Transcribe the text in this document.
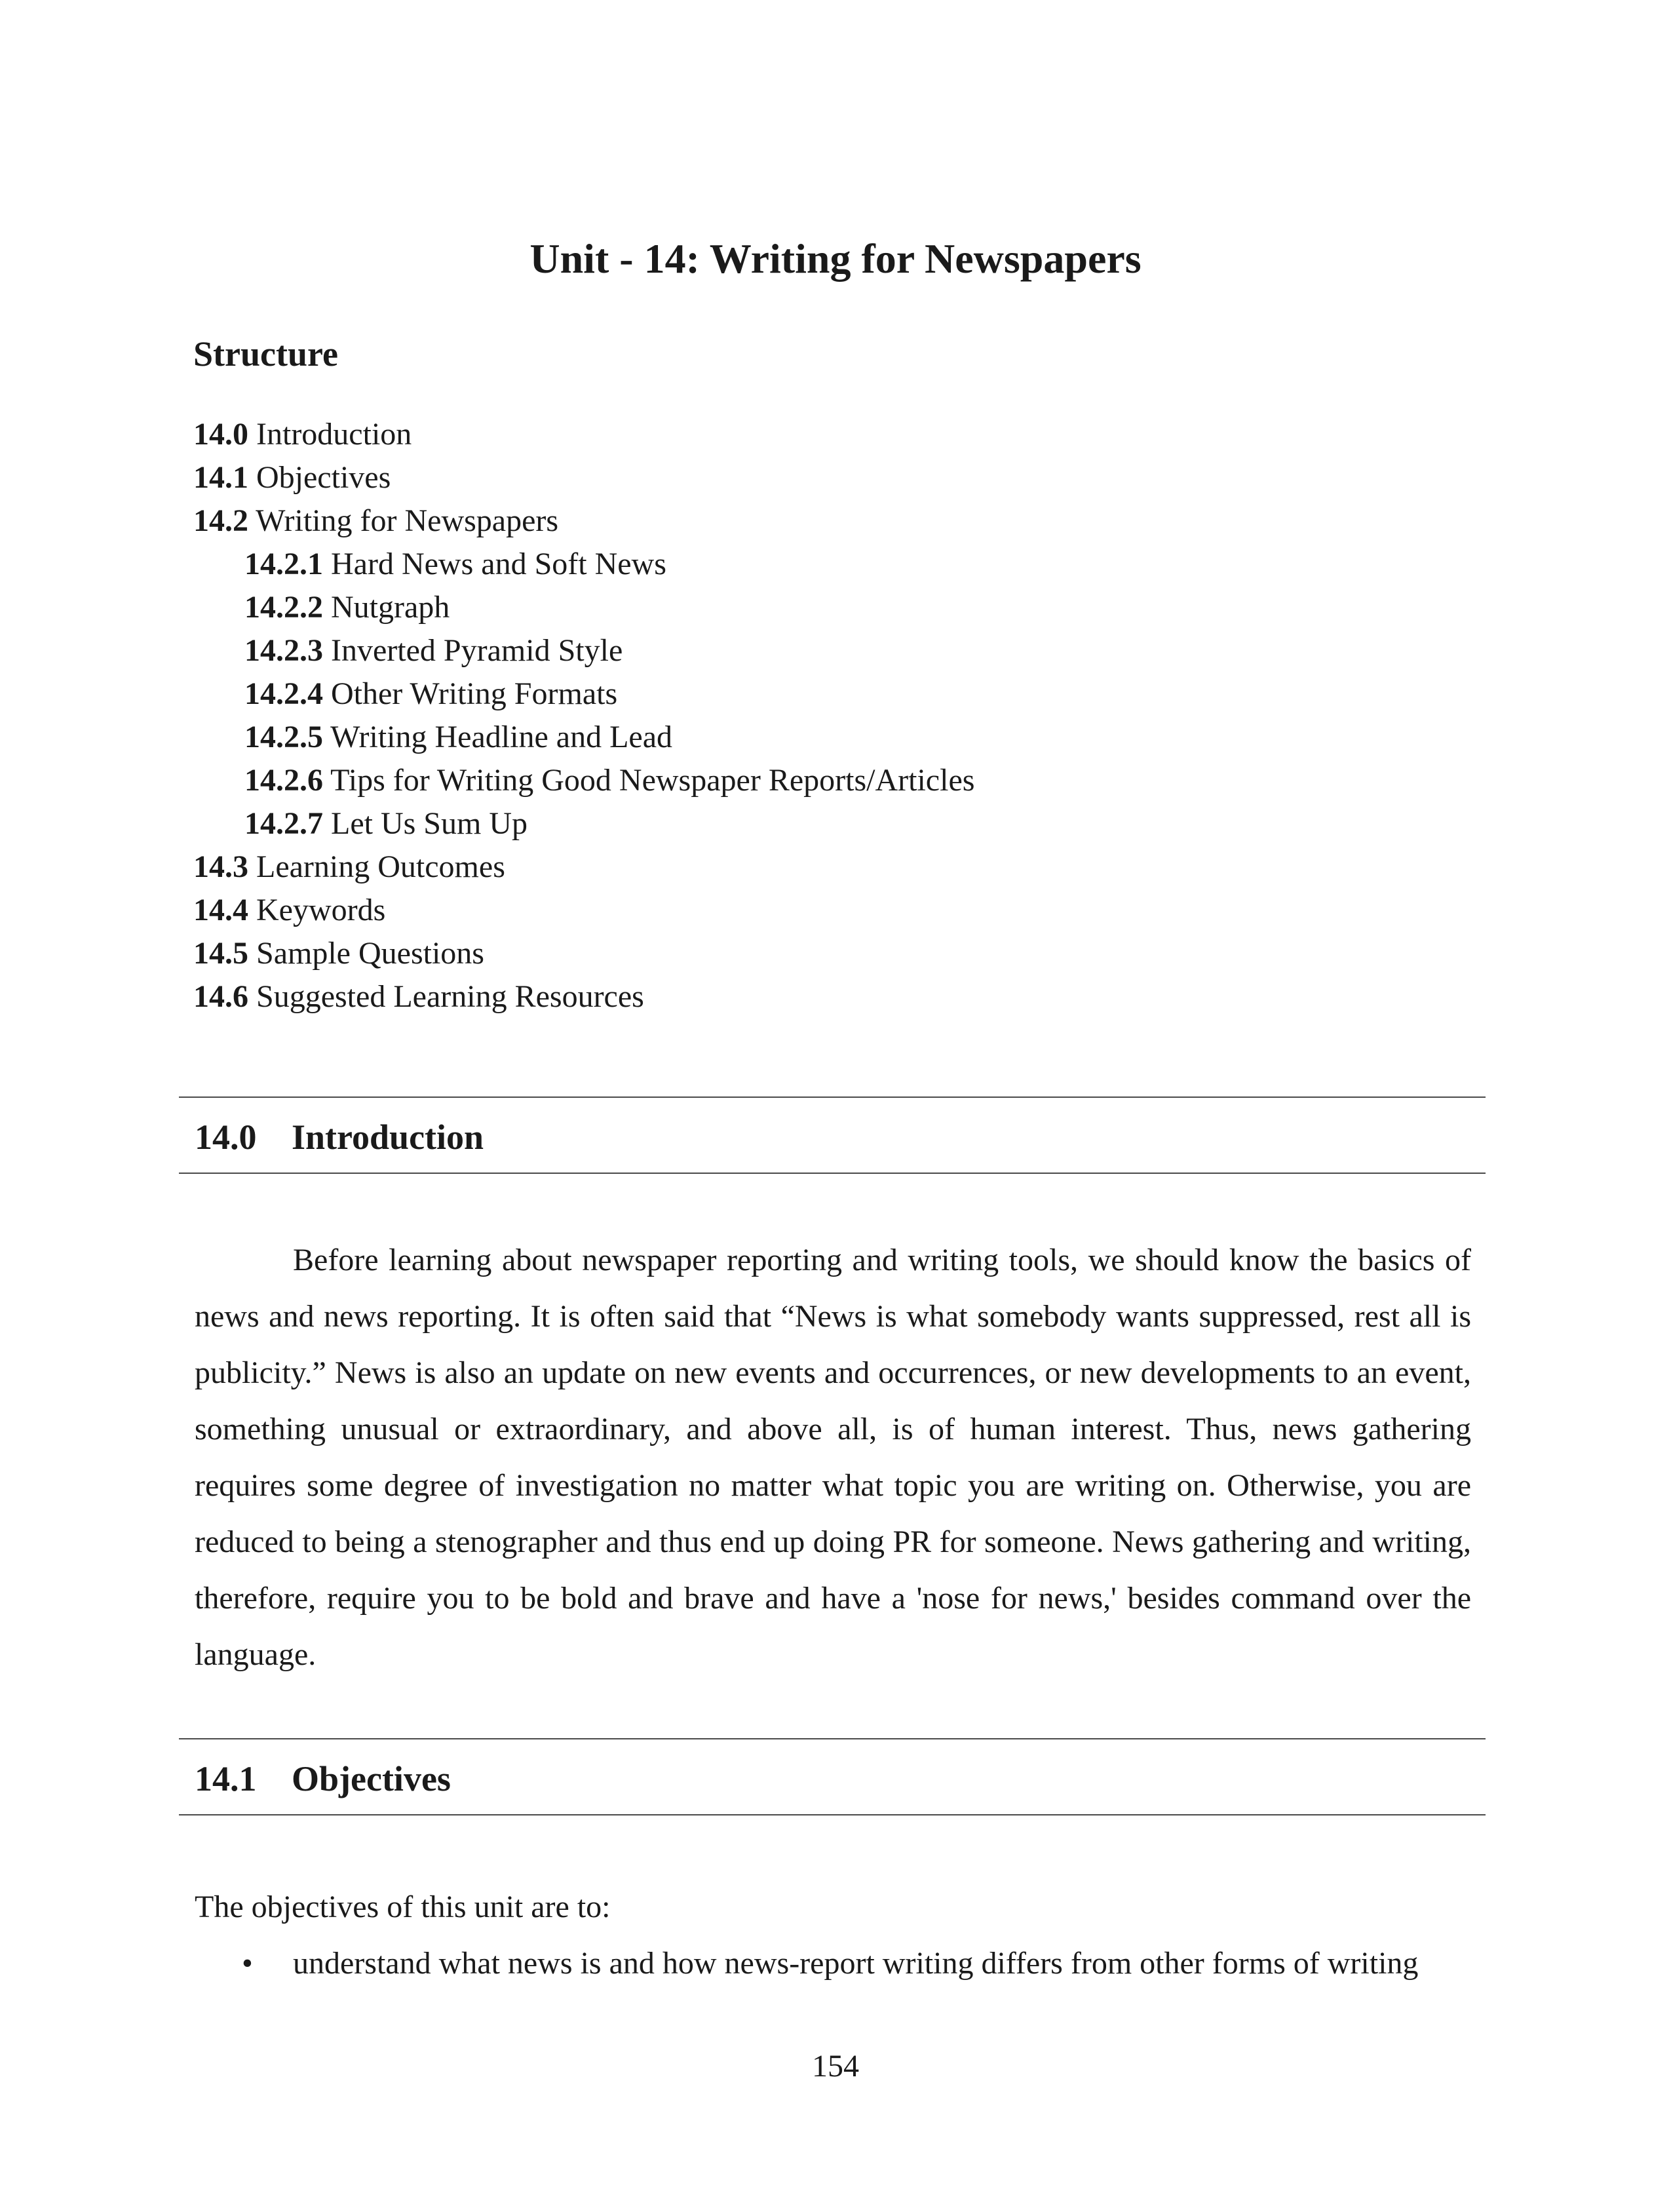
Unit - 14: Writing for Newspapers
Structure
14.0 Introduction
14.1 Objectives
14.2 Writing for Newspapers
14.2.1 Hard News and Soft News
14.2.2 Nutgraph
14.2.3 Inverted Pyramid Style
14.2.4 Other Writing Formats
14.2.5 Writing Headline and Lead
14.2.6 Tips for Writing Good Newspaper Reports/Articles
14.2.7 Let Us Sum Up
14.3 Learning Outcomes
14.4 Keywords
14.5 Sample Questions
14.6 Suggested Learning Resources
14.0 Introduction

Before learning about newspaper reporting and writing tools, we should know the basics of news and news reporting. It is often said that “News is what somebody wants suppressed, rest all is publicity.” News is also an update on new events and occurrences, or new developments to an event, something unusual or extraordinary, and above all, is of human interest. Thus, news gathering requires some degree of investigation no matter what topic you are writing on. Otherwise, you are reduced to being a stenographer and thus end up doing PR for someone. News gathering and writing, therefore, require you to be bold and brave and have a 'nose for news,' besides command over the language.

14.1 Objectives

The objectives of this unit are to:

• understand what news is and how news-report writing differs from other forms of writing
154
